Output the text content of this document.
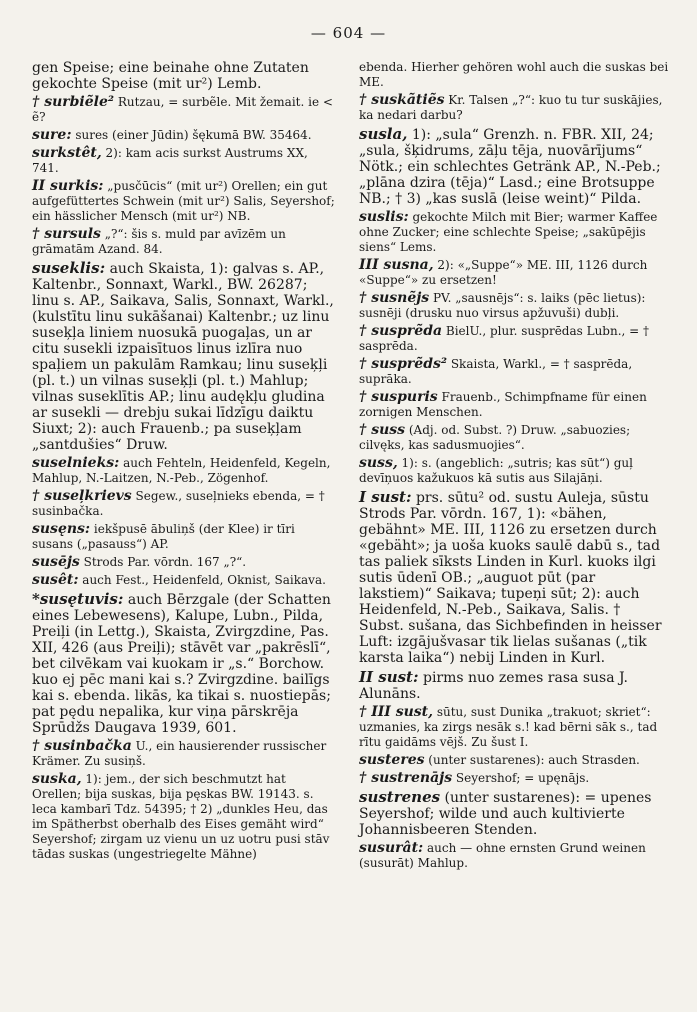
— 604 —

gen Speise; eine beinahe ohne Zutaten gekochte Speise (mit ur²) Lemb.

† surbiẽle² Rutzau, = surbẽle. Mit žemait. ie < ẽ?

sure: sures (einer Jūdin) šękumā BW. 35464.

surkstêt, 2): kam acis surkst Austrums XX, 741.

II surkis: „pusčūcis“ (mit ur²) Orellen; ein gut aufgefüttertes Schwein (mit ur²) Salis, Seyershof; ein hässlicher Mensch (mit ur²) NB.

† sursuls „?“: šis s. muld par avīzēm un grāmatām Azand. 84.

suseklis: auch Skaista, 1): galvas s. AP., Kaltenbr., Sonnaxt, Warkl., BW. 26287; linu s. AP., Saikava, Salis, Sonnaxt, Warkl., (kulstītu linu sukāšanai) Kaltenbr.; uz linu suseķļa liniem nuosukā puogaļas, un ar citu susekli izpaisītuos linus izlīra nuo spaļiem un pakulām Ramkau; linu suseķļi (pl. t.) un vilnas suseķļi (pl. t.) Mahlup; vilnas suseklītis AP.; linu audękļu gludina ar susekli — drebju sukai līdzīgu daiktu Siuxt; 2): auch Frauenb.; pa suseķļam „santdušies“ Druw.

suselnieks: auch Fehteln, Heidenfeld, Kegeln, Mahlup, N.-Laitzen, N.-Peb., Zögenhof.

† suseļkrievs Segew., suseļnieks ebenda, = † susinbačka.

susęns: iekšpusē ābuliņš (der Klee) ir tīri susans („pasauss“) AP.

susējs Strods Par. vōrdn. 167 „?“.

susêt: auch Fest., Heidenfeld, Oknist, Saikava.

*susętuvis: auch Bērzgale (der Schatten eines Lebewesens), Kalupe, Lubn., Pilda, Preiļi (in Lettg.), Skaista, Zvirgzdine, Pas. XII, 426 (aus Preiļi); stāvēt var „pakrēslī“, bet cilvēkam vai kuokam ir „s.“ Borchow. kuo ej pēc mani kai s.? Zvirgzdine. bailīgs kai s. ebenda. likās, ka tikai s. nuostiepās; pat pędu nepalika, kur viņa pārskrēja Sprūdžs Daugava 1939, 601.

† susinbačka U., ein hausierender russischer Krämer. Zu susiņš.

suska, 1): jem., der sich beschmutzt hat Orellen; bija suskas, bija pęskas BW. 19143. s. leca kambarī Tdz. 54395; † 2) „dunkles Heu, das im Spätherbst oberhalb des Eises gemäht wird“ Seyershof; zirgam uz vienu un uz uotru pusi stāv tādas suskas (ungestriegelte Mähne)

ebenda. Hierher gehören wohl auch die suskas bei ME.

† suskãtiẽs Kr. Talsen „?“: kuo tu tur suskājies, ka nedari darbu?

susla, 1): „sula“ Grenzh. n. FBR. XII, 24; „sula, šķidrums, zāļu tēja, nuovārījums“ Nötk.; ein schlechtes Getränk AP., N.-Peb.; „plāna dzira (tēja)“ Lasd.; eine Brotsuppe NB.; † 3) „kas suslā (leise weint)“ Pilda.

suslis: gekochte Milch mit Bier; warmer Kaffee ohne Zucker; eine schlechte Speise; „sakūpējis siens“ Lems.

III susna, 2): «„Suppe“» ME. III, 1126 durch «Suppe“» zu ersetzen!

† susnẽjs PV. „sausnējs“: s. laiks (pēc lietus): susnēji (drusku nuo virsus apžuvuši) dubļi.

† susprẽda BielU., plur. susprēdas Lubn., = † sasprēda.

† susprẽds² Skaista, Warkl., = † sasprēda, suprāka.

† suspuris Frauenb., Schimpfname für einen zornigen Menschen.

† suss (Adj. od. Subst. ?) Druw. „sabuozies; cilvęks, kas sadusmuojies“.

suss, 1): s. (angeblich: „sutris; kas sūt“) guļ devīņuos kažukuos kā sutis aus Silajāņi.

I sust: prs. sūtu² od. sustu Auleja, sūstu Strods Par. vōrdn. 167, 1): «bähen, gebähnt» ME. III, 1126 zu ersetzen durch «gebäht»; ja uoša kuoks saulē dabū s., tad tas paliek sīksts Linden in Kurl. kuoks ilgi sutis ūdenī OB.; „auguot pūt (par lakstiem)“ Saikava; tupeņi sūt; 2): auch Heidenfeld, N.-Peb., Saikava, Salis. † Subst. sušana, das Sichbefinden in heisser Luft: izgājušvasar tik lielas sušanas („tik karsta laika“) nebij Linden in Kurl.

II sust: pirms nuo zemes rasa susa J. Alunāns.

† III sust, sūtu, sust Dunika „trakuot; skriet“: uzmanies, ka zirgs nesāk s.! kad bērni sāk s., tad rītu gaidāms vējš. Zu šust I.

susteres (unter sustarenes): auch Strasden.

† sustrenājs Seyershof; = upęnājs.

sustrenes (unter sustarenes): = upenes Seyershof; wilde und auch kultivierte Johannisbeeren Stenden.

susurât: auch — ohne ernsten Grund weinen (susurāt) Mahlup.
